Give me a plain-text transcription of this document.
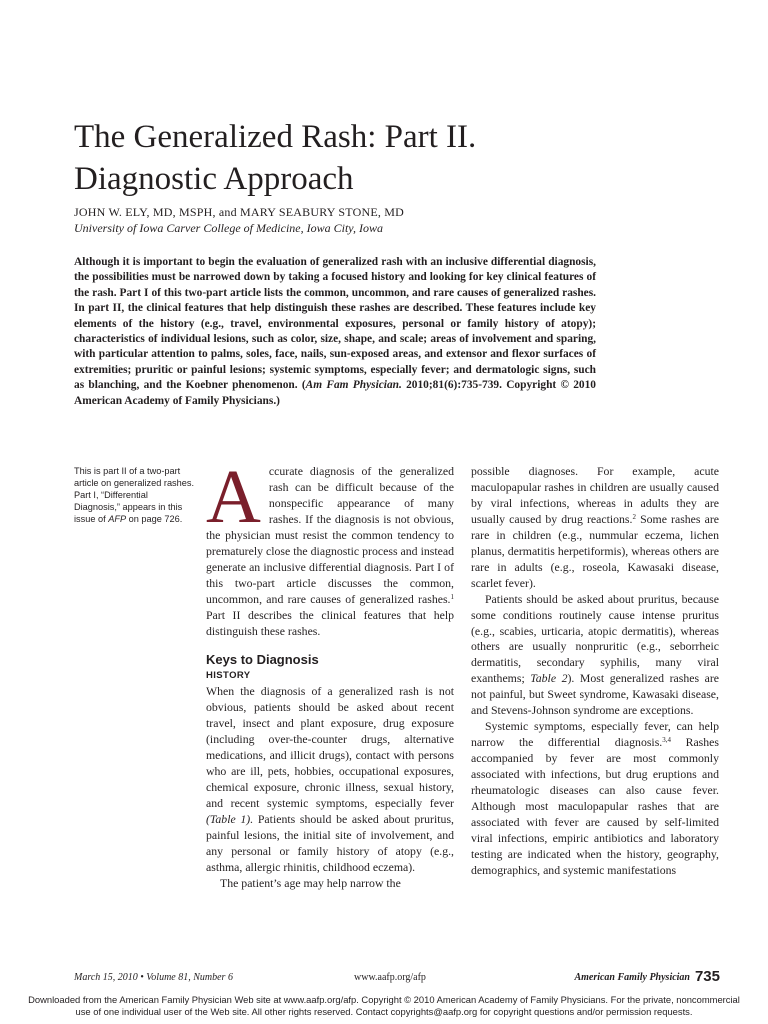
The Generalized Rash: Part II.
Diagnostic Approach
JOHN W. ELY, MD, MSPH, and MARY SEABURY STONE, MD
University of Iowa Carver College of Medicine, Iowa City, Iowa

Although it is important to begin the evaluation of generalized rash with an inclusive differential diagnosis, the possibilities must be narrowed down by taking a focused history and looking for key clinical features of the rash. Part I of this two-part article lists the common, uncommon, and rare causes of generalized rashes. In part II, the clinical features that help distinguish these rashes are described. These features include key elements of the history (e.g., travel, environmental exposures, personal or family history of atopy); characteristics of individual lesions, such as color, size, shape, and scale; areas of involvement and sparing, with particular attention to palms, soles, face, nails, sun-exposed areas, and extensor and flexor surfaces of extremities; pruritic or painful lesions; systemic symptoms, especially fever; and dermatologic signs, such as blanching, and the Koebner phenomenon. (Am Fam Physician. 2010;81(6):735-739. Copyright © 2010 American Academy of Family Physicians.)

This is part II of a two-part article on generalized rashes. Part I, “Differential Diagnosis,” appears in this issue of AFP on page 726. A ccurate diagnosis of the generalized rash can be difficult because of the nonspecific appearance of many rashes. If the diagnosis is not obvious, the physician must resist the common tendency to prematurely close the diagnostic process and instead generate an inclusive differential diagnosis. Part I of this two-part article discusses the common, uncommon, and rare causes of generalized rashes.$^1$ Part II describes the clinical features that help distinguish these rashes.

Keys to Diagnosis
HISTORY

When the diagnosis of a generalized rash is not obvious, patients should be asked about recent travel, insect and plant exposure, drug exposure (including over-the-counter drugs, alternative medications, and illicit drugs), contact with persons who are ill, pets, hobbies, occupational exposures, chemical exposure, chronic illness, sexual history, and recent systemic symptoms, especially fever (Table 1). Patients should be asked about pruritus, painful lesions, the initial site of involvement, and any personal or family history of atopy (e.g., asthma, allergic rhinitis, childhood eczema).

The patient’s age may help narrow the

possible diagnoses. For example, acute maculopapular rashes in children are usually caused by viral infections, whereas in adults they are usually caused by drug reactions.$^2$ Some rashes are rare in children (e.g., nummular eczema, lichen planus, dermatitis herpetiformis), whereas others are rare in adults (e.g., roseola, Kawasaki disease, scarlet fever).

Patients should be asked about pruritus, because some conditions routinely cause intense pruritus (e.g., scabies, urticaria, atopic dermatitis), whereas others are usually nonpruritic (e.g., seborrheic dermatitis, secondary syphilis, many viral exanthems; Table 2). Most generalized rashes are not painful, but Sweet syndrome, Kawasaki disease, and Stevens-Johnson syndrome are exceptions.

Systemic symptoms, especially fever, can help narrow the differential diagnosis.$^{3,4}$ Rashes accompanied by fever are most commonly associated with infections, but drug eruptions and rheumatologic diseases can also cause fever. Although most maculopapular rashes that are associated with fever are caused by self-limited viral infections, empiric antibiotics and laboratory testing are indicated when the history, geography, demographics, and systemic manifestations

March 15, 2010 • Volume 81, Number 6	www.aafp.org/afp	American Family Physician 735

Downloaded from the American Family Physician Web site at www.aafp.org/afp. Copyright © 2010 American Academy of Family Physicians. For the private, noncommercial
use of one individual user of the Web site. All other rights reserved. Contact copyrights@aafp.org for copyright questions and/or permission requests.
